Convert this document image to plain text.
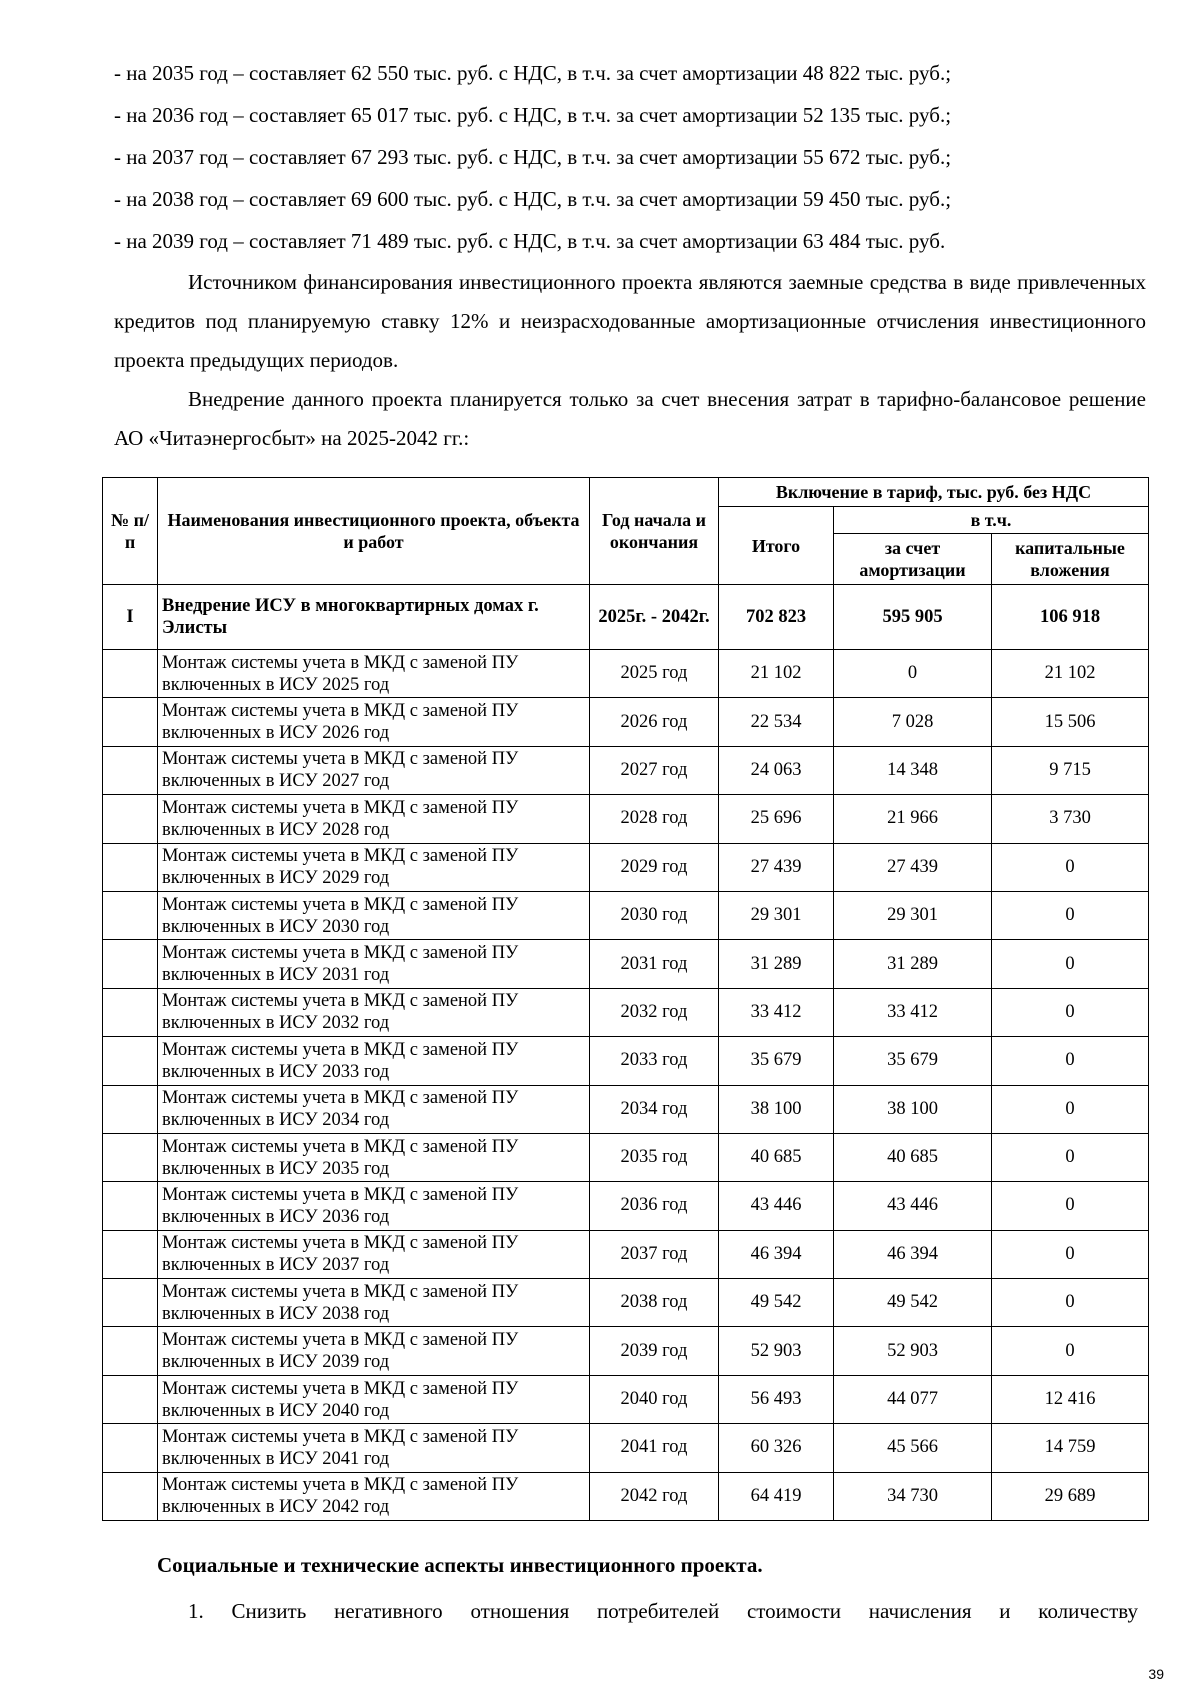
- на 2035 год – составляет 62 550 тыс. руб. с НДС, в т.ч. за счет амортизации 48 822 тыс. руб.;
- на 2036 год – составляет 65 017 тыс. руб. с НДС, в т.ч. за счет амортизации 52 135 тыс. руб.;
- на 2037 год – составляет 67 293 тыс. руб. с НДС, в т.ч. за счет амортизации 55 672 тыс. руб.;
- на 2038 год – составляет 69 600 тыс. руб. с НДС, в т.ч. за счет амортизации 59 450 тыс. руб.;
- на 2039 год – составляет 71 489 тыс. руб. с НДС, в т.ч. за счет амортизации 63 484 тыс. руб.

Источником финансирования инвестиционного проекта являются заемные средства в виде привлеченных кредитов под планируемую ставку 12% и неизрасходованные амортизационные отчисления инвестиционного проекта предыдущих периодов.

Внедрение данного проекта планируется только за счет внесения затрат в тарифно-балансовое решение АО «Читаэнергосбыт» на 2025-2042 гг.:

№ п/п	Наименования инвестиционного проекта, объекта и работ	Год начала и окончания	Включение в тариф, тыс. руб. без НДС		
			Итого	в т.ч.	
				за счет амортизации	капитальные вложения
I	Внедрение ИСУ в многоквартирных домах г. Элисты	2025г. - 2042г.	702 823	595 905	106 918
	Монтаж системы учета в МКД с заменой ПУ включенных в ИСУ 2025 год	2025 год	21 102	0	21 102
	Монтаж системы учета в МКД с заменой ПУ включенных в ИСУ 2026 год	2026 год	22 534	7 028	15 506
	Монтаж системы учета в МКД с заменой ПУ включенных в ИСУ 2027 год	2027 год	24 063	14 348	9 715
	Монтаж системы учета в МКД с заменой ПУ включенных в ИСУ 2028 год	2028 год	25 696	21 966	3 730
	Монтаж системы учета в МКД с заменой ПУ включенных в ИСУ 2029 год	2029 год	27 439	27 439	0
	Монтаж системы учета в МКД с заменой ПУ включенных в ИСУ 2030 год	2030 год	29 301	29 301	0
	Монтаж системы учета в МКД с заменой ПУ включенных в ИСУ 2031 год	2031 год	31 289	31 289	0
	Монтаж системы учета в МКД с заменой ПУ включенных в ИСУ 2032 год	2032 год	33 412	33 412	0
	Монтаж системы учета в МКД с заменой ПУ включенных в ИСУ 2033 год	2033 год	35 679	35 679	0
	Монтаж системы учета в МКД с заменой ПУ включенных в ИСУ 2034 год	2034 год	38 100	38 100	0
	Монтаж системы учета в МКД с заменой ПУ включенных в ИСУ 2035 год	2035 год	40 685	40 685	0
	Монтаж системы учета в МКД с заменой ПУ включенных в ИСУ 2036 год	2036 год	43 446	43 446	0
	Монтаж системы учета в МКД с заменой ПУ включенных в ИСУ 2037 год	2037 год	46 394	46 394	0
	Монтаж системы учета в МКД с заменой ПУ включенных в ИСУ 2038 год	2038 год	49 542	49 542	0
	Монтаж системы учета в МКД с заменой ПУ включенных в ИСУ 2039 год	2039 год	52 903	52 903	0
	Монтаж системы учета в МКД с заменой ПУ включенных в ИСУ 2040 год	2040 год	56 493	44 077	12 416
	Монтаж системы учета в МКД с заменой ПУ включенных в ИСУ 2041 год	2041 год	60 326	45 566	14 759
	Монтаж системы учета в МКД с заменой ПУ включенных в ИСУ 2042 год	2042 год	64 419	34 730	29 689
Социальные и технические аспекты инвестиционного проекта.
1. Снизить негативного отношения потребителей стоимости начисления и количеству
39
